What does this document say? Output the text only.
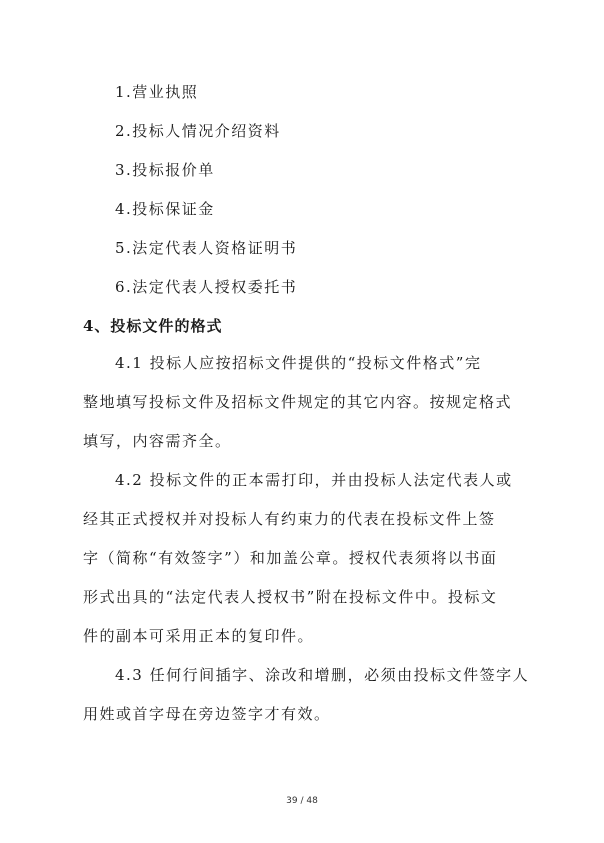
1.营业执照
2.投标人情况介绍资料
3.投标报价单
4.投标保证金
5.法定代表人资格证明书
6.法定代表人授权委托书
4、投标文件的格式
4.1 投标人应按招标文件提供的“投标文件格式”完
整地填写投标文件及招标文件规定的其它内容。按规定格式
填写，内容需齐全。
4.2 投标文件的正本需打印，并由投标人法定代表人或
经其正式授权并对投标人有约束力的代表在投标文件上签
字（简称“有效签字”）和加盖公章。授权代表须将以书面
形式出具的“法定代表人授权书”附在投标文件中。投标文
件的副本可采用正本的复印件。
4.3 任何行间插字、涂改和增删，必须由投标文件签字人
用姓或首字母在旁边签字才有效。
39 / 48
